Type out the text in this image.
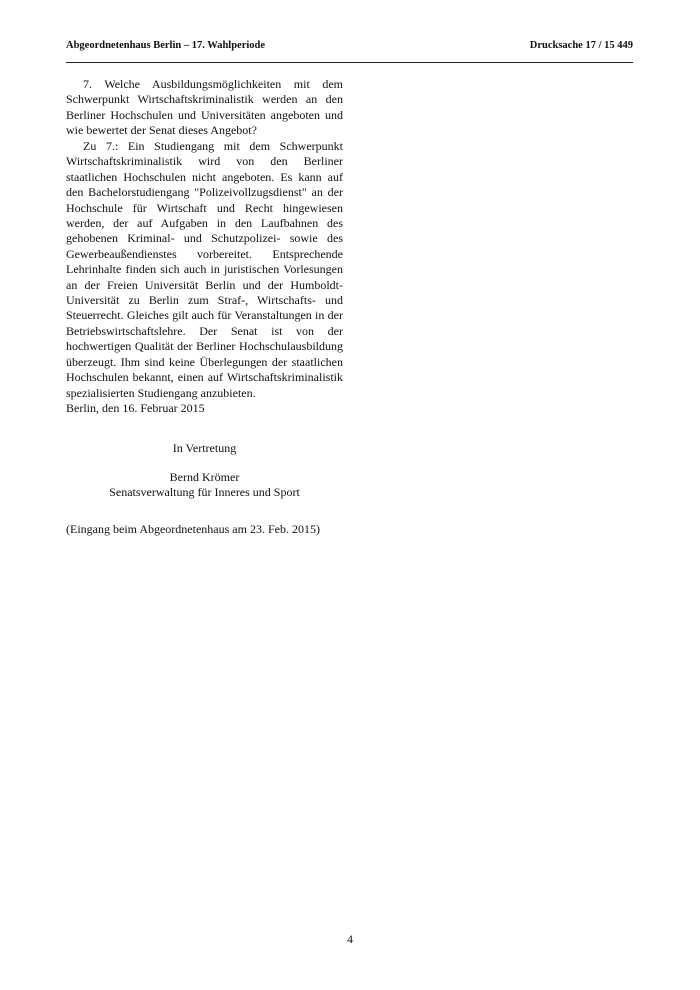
Abgeordnetenhaus Berlin – 17. Wahlperiode	Drucksache 17 / 15 449

7. Welche Ausbildungsmöglichkeiten mit dem Schwerpunkt Wirtschaftskriminalistik werden an den Berliner Hochschulen und Universitäten angeboten und wie bewertet der Senat dieses Angebot?

Zu 7.: Ein Studiengang mit dem Schwerpunkt Wirtschaftskriminalistik wird von den Berliner staatlichen Hochschulen nicht angeboten. Es kann auf den Bachelorstudiengang "Polizeivollzugsdienst" an der Hochschule für Wirtschaft und Recht hingewiesen werden, der auf Aufgaben in den Laufbahnen des gehobenen Kriminal- und Schutzpolizei- sowie des Gewerbeaußendienstes vorbereitet. Entsprechende Lehrinhalte finden sich auch in juristischen Vorlesungen an der Freien Universität Berlin und der Humboldt-Universität zu Berlin zum Straf-, Wirtschafts- und Steuerrecht. Gleiches gilt auch für Veranstaltungen in der Betriebswirtschaftslehre. Der Senat ist von der hochwertigen Qualität der Berliner Hochschulausbildung überzeugt. Ihm sind keine Überlegungen der staatlichen Hochschulen bekannt, einen auf Wirtschaftskriminalistik spezialisierten Studiengang anzubieten.

Berlin, den 16. Februar 2015
In Vertretung
Bernd Krömer
Senatsverwaltung für Inneres und Sport
(Eingang beim Abgeordnetenhaus am 23. Feb. 2015)
4
